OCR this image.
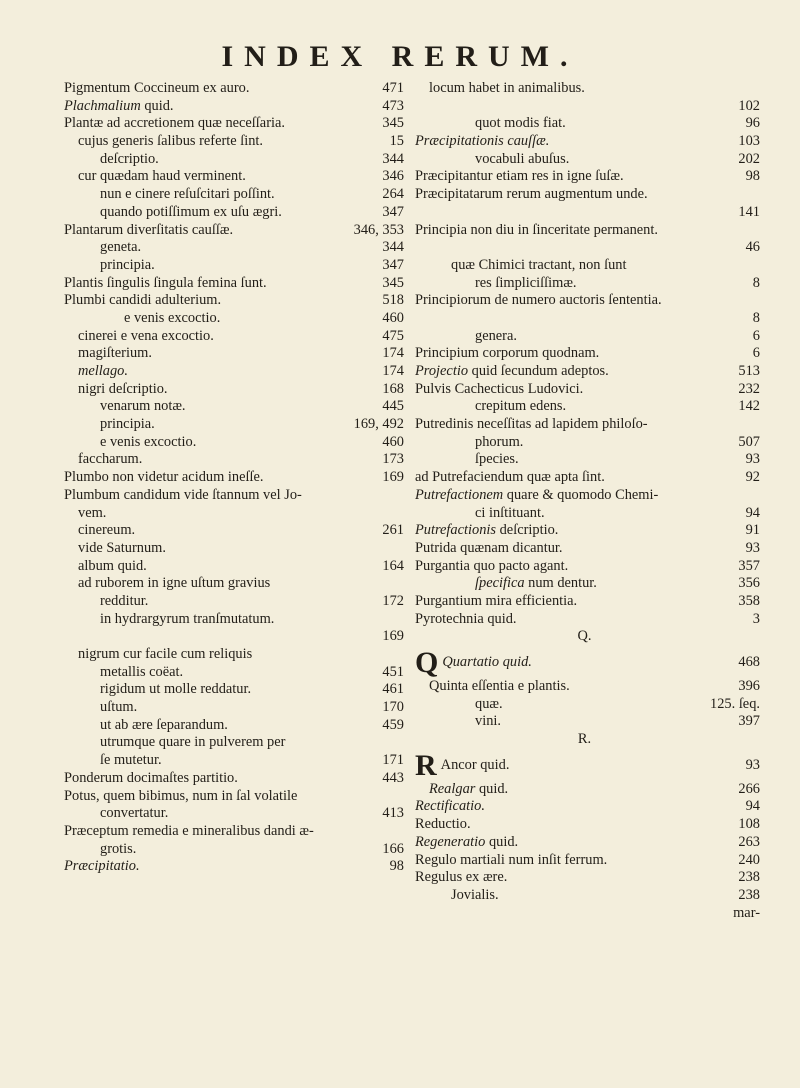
INDEX RERUM.
Pigmentum Coccineum ex auro.	471
Plachmalium quid.	473
Plantæ ad accretionem quæ neceſſaria.	345
cujus generis ſalibus referte ſint.	15
deſcriptio.	344
cur quædam haud verminent.	346
nun e cinere reſuſcitari poſſint.	264
quando potiſſimum ex uſu ægri.	347
Plantarum diverſitatis cauſſæ.	346, 353
geneta.	344
principia.	347
Plantis ſingulis ſingula femina ſunt.	345
Plumbi candidi adulterium.	518
e venis excoctio.	460
cinerei e vena excoctio.	475
magiſterium.	174
mellago.	174
nigri deſcriptio.	168
venarum notæ.	445
principia.	169, 492
e venis excoctio.	460
faccharum.	173
Plumbo non videtur acidum ineſſe.	169
Plumbum candidum vide ſtannum vel Jo-
vem.
cinereum.	261
vide Saturnum.
album quid.	164
ad ruborem in igne uſtum gravius
redditur.	172
in hydrargyrum tranſmutatum.
169
nigrum cur facile cum reliquis
metallis coëat.	451
rigidum ut molle reddatur.	461
uſtum.	170
ut ab ære ſeparandum.	459
utrumque quare in pulverem per
ſe mutetur.	171
Ponderum docimaſtes partitio.	443
Potus, quem bibimus, num in ſal volatile
convertatur.	413
Præceptum remedia e mineralibus dandi æ-
grotis.	166
Præcipitatio.	98
locum habet in animalibus.
102
quot modis fiat.	96
Præcipitationis cauſſæ.	103
vocabuli abuſus.	202
Præcipitantur etiam res in igne ſuſæ.	98
Præcipitatarum rerum augmentum unde.
141
Principia non diu in ſinceritate permanent.
46
quæ Chimici tractant, non ſunt
res ſimpliciſſimæ.	8
Principiorum de numero auctoris ſententia.
8
genera.	6
Principium corporum quodnam.	6
Projectio quid ſecundum adeptos.	513
Pulvis Cachecticus Ludovici.	232
crepitum edens.	142
Putredinis neceſſitas ad lapidem philoſo-
phorum.	507
ſpecies.	93
ad Putrefaciendum quæ apta ſint.	92
Putrefactionem quare & quomodo Chemi-
ci inſtituant.	94
Putrefactionis deſcriptio.	91
Putrida quænam dicantur.	93
Purgantia quo pacto agant.	357
ſpecifica num dentur.	356
Purgantium mira efficientia.	358
Pyrotechnia quid.	3
Q.
Q Quartatio quid.	468
Quinta eſſentia e plantis.	396
quæ.	125. ſeq.
vini.	397
R.
R Ancor quid.	93
Realgar quid.	266
Rectificatio.	94
Reductio.	108
Regeneratio quid.	263
Regulo martiali num inſit ferrum.	240
Regulus ex ære.	238
Jovialis.	238
mar-
